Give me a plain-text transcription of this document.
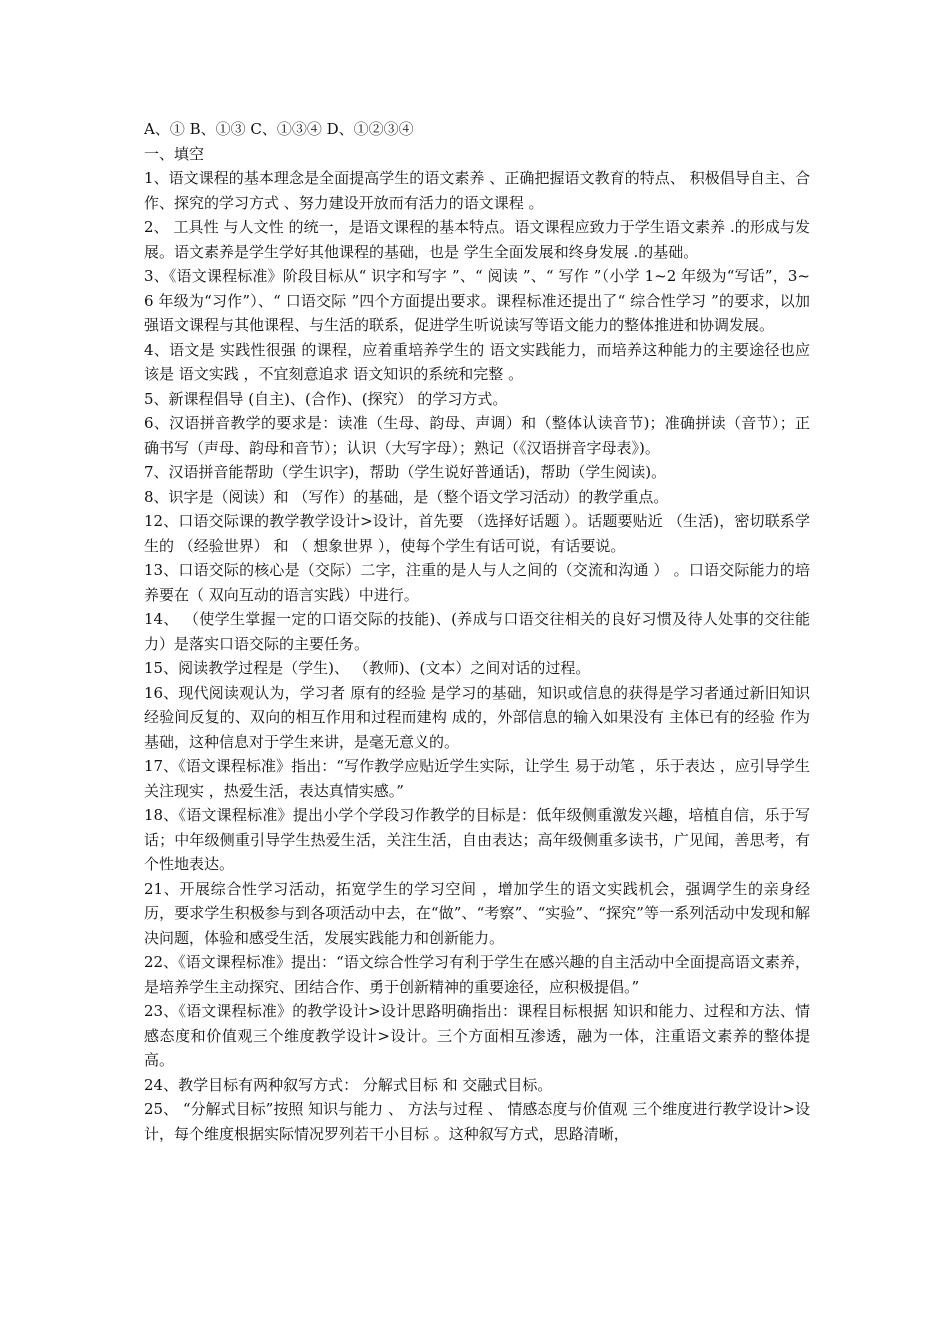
A、① B、①③ C、①③④ D、①②③④

一、填空

1、语文课程的基本理念是全面提高学生的语文素养 、正确把握语文教育的特点、 积极倡导自主、合作、探究的学习方式 、努力建设开放而有活力的语文课程 。

2、 工具性 与人文性 的统一，是语文课程的基本特点。语文课程应致力于学生语文素养 .的形成与发展。语文素养是学生学好其他课程的基础，也是 学生全面发展和终身发展 .的基础。

3、《语文课程标准》阶段目标从“ 识字和写字 ”、“ 阅读 ”、“ 写作 ”（小学 1~2 年级为“写话”，3~6 年级为“习作”）、“ 口语交际 ”四个方面提出要求。课程标准还提出了“ 综合性学习 ”的要求，以加强语文课程与其他课程、与生活的联系，促进学生听说读写等语文能力的整体推进和协调发展。

4、语文是 实践性很强 的课程，应着重培养学生的 语文实践能力，而培养这种能力的主要途径也应该是 语文实践 ，不宜刻意追求 语文知识的系统和完整 。

5、新课程倡导 (自主)、(合作)、(探究） 的学习方式。

6、汉语拼音教学的要求是：读准（生母、韵母、声调）和（整体认读音节)；准确拼读（音节）；正确书写（声母、韵母和音节）；认识（大写字母）；熟记（《汉语拼音字母表》)。

7、汉语拼音能帮助（学生识字)，帮助（学生说好普通话)，帮助（学生阅读)。

8、识字是（阅读）和 （写作）的基础，是（整个语文学习活动）的教学重点。

12、口语交际课的教学教学设计>设计，首先要 （选择好话题 ）。话题要贴近 （生活)，密切联系学生的 （经验世界） 和 （ 想象世界 ），使每个学生有话可说，有话要说。

13、口语交际的核心是（交际）二字，注重的是人与人之间的（交流和沟通 ） 。口语交际能力的培养要在（ 双向互动的语言实践）中进行。

14、 （使学生掌握一定的口语交际的技能)、(养成与口语交往相关的良好习惯及待人处事的交往能力）是落实口语交际的主要任务。

15、阅读教学过程是（学生)、 （教师)、(文本）之间对话的过程。

16、现代阅读观认为，学习者 原有的经验 是学习的基础，知识或信息的获得是学习者通过新旧知识经验间反复的、双向的相互作用和过程而建构 成的，外部信息的输入如果没有 主体已有的经验 作为基础，这种信息对于学生来讲，是毫无意义的。

17、《语文课程标准》指出：“写作教学应贴近学生实际，让学生 易于动笔 ，乐于表达 ，应引导学生 关注现实 ，热爱生活，表达真情实感。”

18、《语文课程标准》提出小学个学段习作教学的目标是：低年级侧重激发兴趣，培植自信，乐于写话；中年级侧重引导学生热爱生活，关注生活，自由表达；高年级侧重多读书，广见闻，善思考，有个性地表达。

21、开展综合性学习活动，拓宽学生的学习空间 ，增加学生的语文实践机会，强调学生的亲身经历，要求学生积极参与到各项活动中去，在“做”、“考察”、“实验”、“探究”等一系列活动中发现和解决问题，体验和感受生活，发展实践能力和创新能力。

22、《语文课程标准》提出：“语文综合性学习有利于学生在感兴趣的自主活动中全面提高语文素养，是培养学生主动探究、团结合作、勇于创新精神的重要途径，应积极提倡。”

23、《语文课程标准》的教学设计>设计思路明确指出：课程目标根据 知识和能力、过程和方法、情感态度和价值观三个维度教学设计>设计。三个方面相互渗透，融为一体，注重语文素养的整体提高。

24、教学目标有两种叙写方式： 分解式目标 和 交融式目标。

25、 “分解式目标”按照 知识与能力 、 方法与过程 、 情感态度与价值观 三个维度进行教学设计>设计，每个维度根据实际情况罗列若干小目标 。这种叙写方式，思路清晰，
